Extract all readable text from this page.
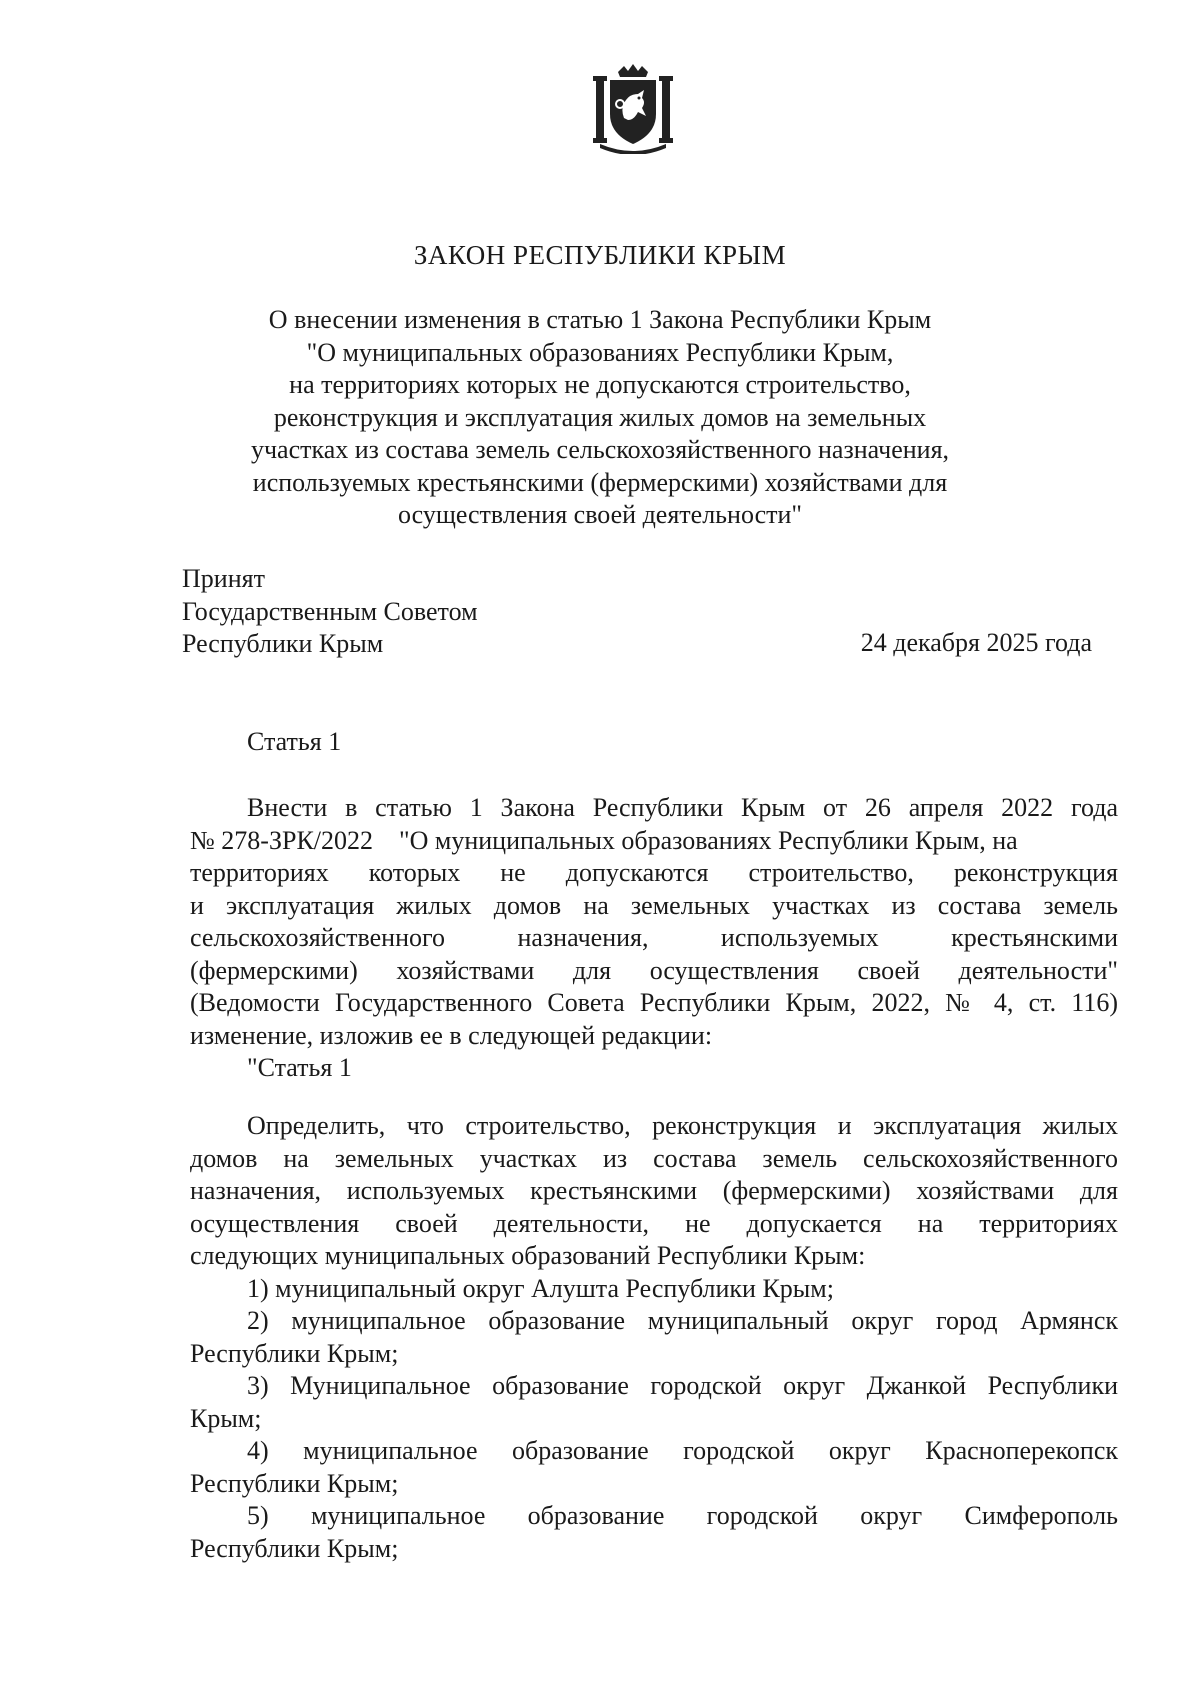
ЗАКОН РЕСПУБЛИКИ КРЫМ
О внесении изменения в статью 1 Закона Республики Крым
"О муниципальных образованиях Республики Крым,
на территориях которых не допускаются строительство,
реконструкция и эксплуатация жилых домов на земельных
участках из состава земель сельскохозяйственного назначения,
используемых крестьянскими (фермерскими) хозяйствами для
осуществления своей деятельности"
Принят
Государственным Советом
Республики Крым	24 декабря 2025 года
Статья 1
Внести в статью 1 Закона Республики Крым от 26 апреля 2022 года
№ 278-ЗРК/2022    "О муниципальных образованиях Республики Крым, на
территориях которых не допускаются строительство, реконструкция
и эксплуатация жилых домов на земельных участках из состава земель
сельскохозяйственного назначения, используемых крестьянскими
(фермерскими) хозяйствами для осуществления своей деятельности"
(Ведомости Государственного Совета Республики Крым, 2022, № 4, ст. 116)
изменение, изложив ее в следующей редакции:
"Статья 1
Определить, что строительство, реконструкция и эксплуатация жилых
домов на земельных участках из состава земель сельскохозяйственного
назначения, используемых крестьянскими (фермерскими) хозяйствами для
осуществления своей деятельности, не допускается на территориях
следующих муниципальных образований Республики Крым:
1) муниципальный округ Алушта Республики Крым;
2) муниципальное образование муниципальный округ город Армянск
Республики Крым;
3) Муниципальное образование городской округ Джанкой Республики
Крым;
4) муниципальное образование городской округ Красноперекопск
Республики Крым;
5) муниципальное образование городской округ Симферополь
Республики Крым;
